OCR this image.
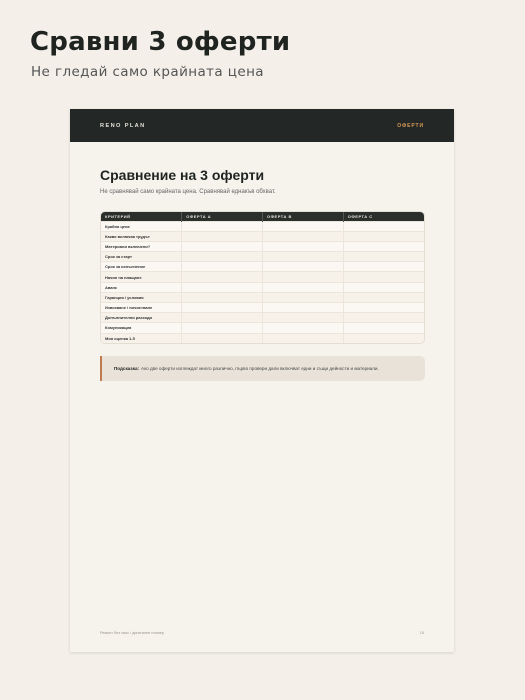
Сравни 3 оферти
Не гледай само крайната цена
RENO PLAN	ОФЕРТИ
Сравнение на 3 оферти
Не сравнявай само крайната цена. Сравнявай еднакъв обхват.
КРИТЕРИЙ	ОФЕРТА А	ОФЕРТА В	ОФЕРТА С
Крайна цена			
Какво включва трудът			
Материали включени?			
Срок за старт			
Срок за изпълнение			
Начин на плащане			
Аванс			
Гаранция / условия			
Извозване / почистване			
Допълнителни разходи			
Комуникация			
Моя оценка 1-5			
Подсказка: Ако две оферти изглеждат много различно, първо провери дали включват едни и същи дейности и материали.
Ремонт без хаос / дигитален планер	15
